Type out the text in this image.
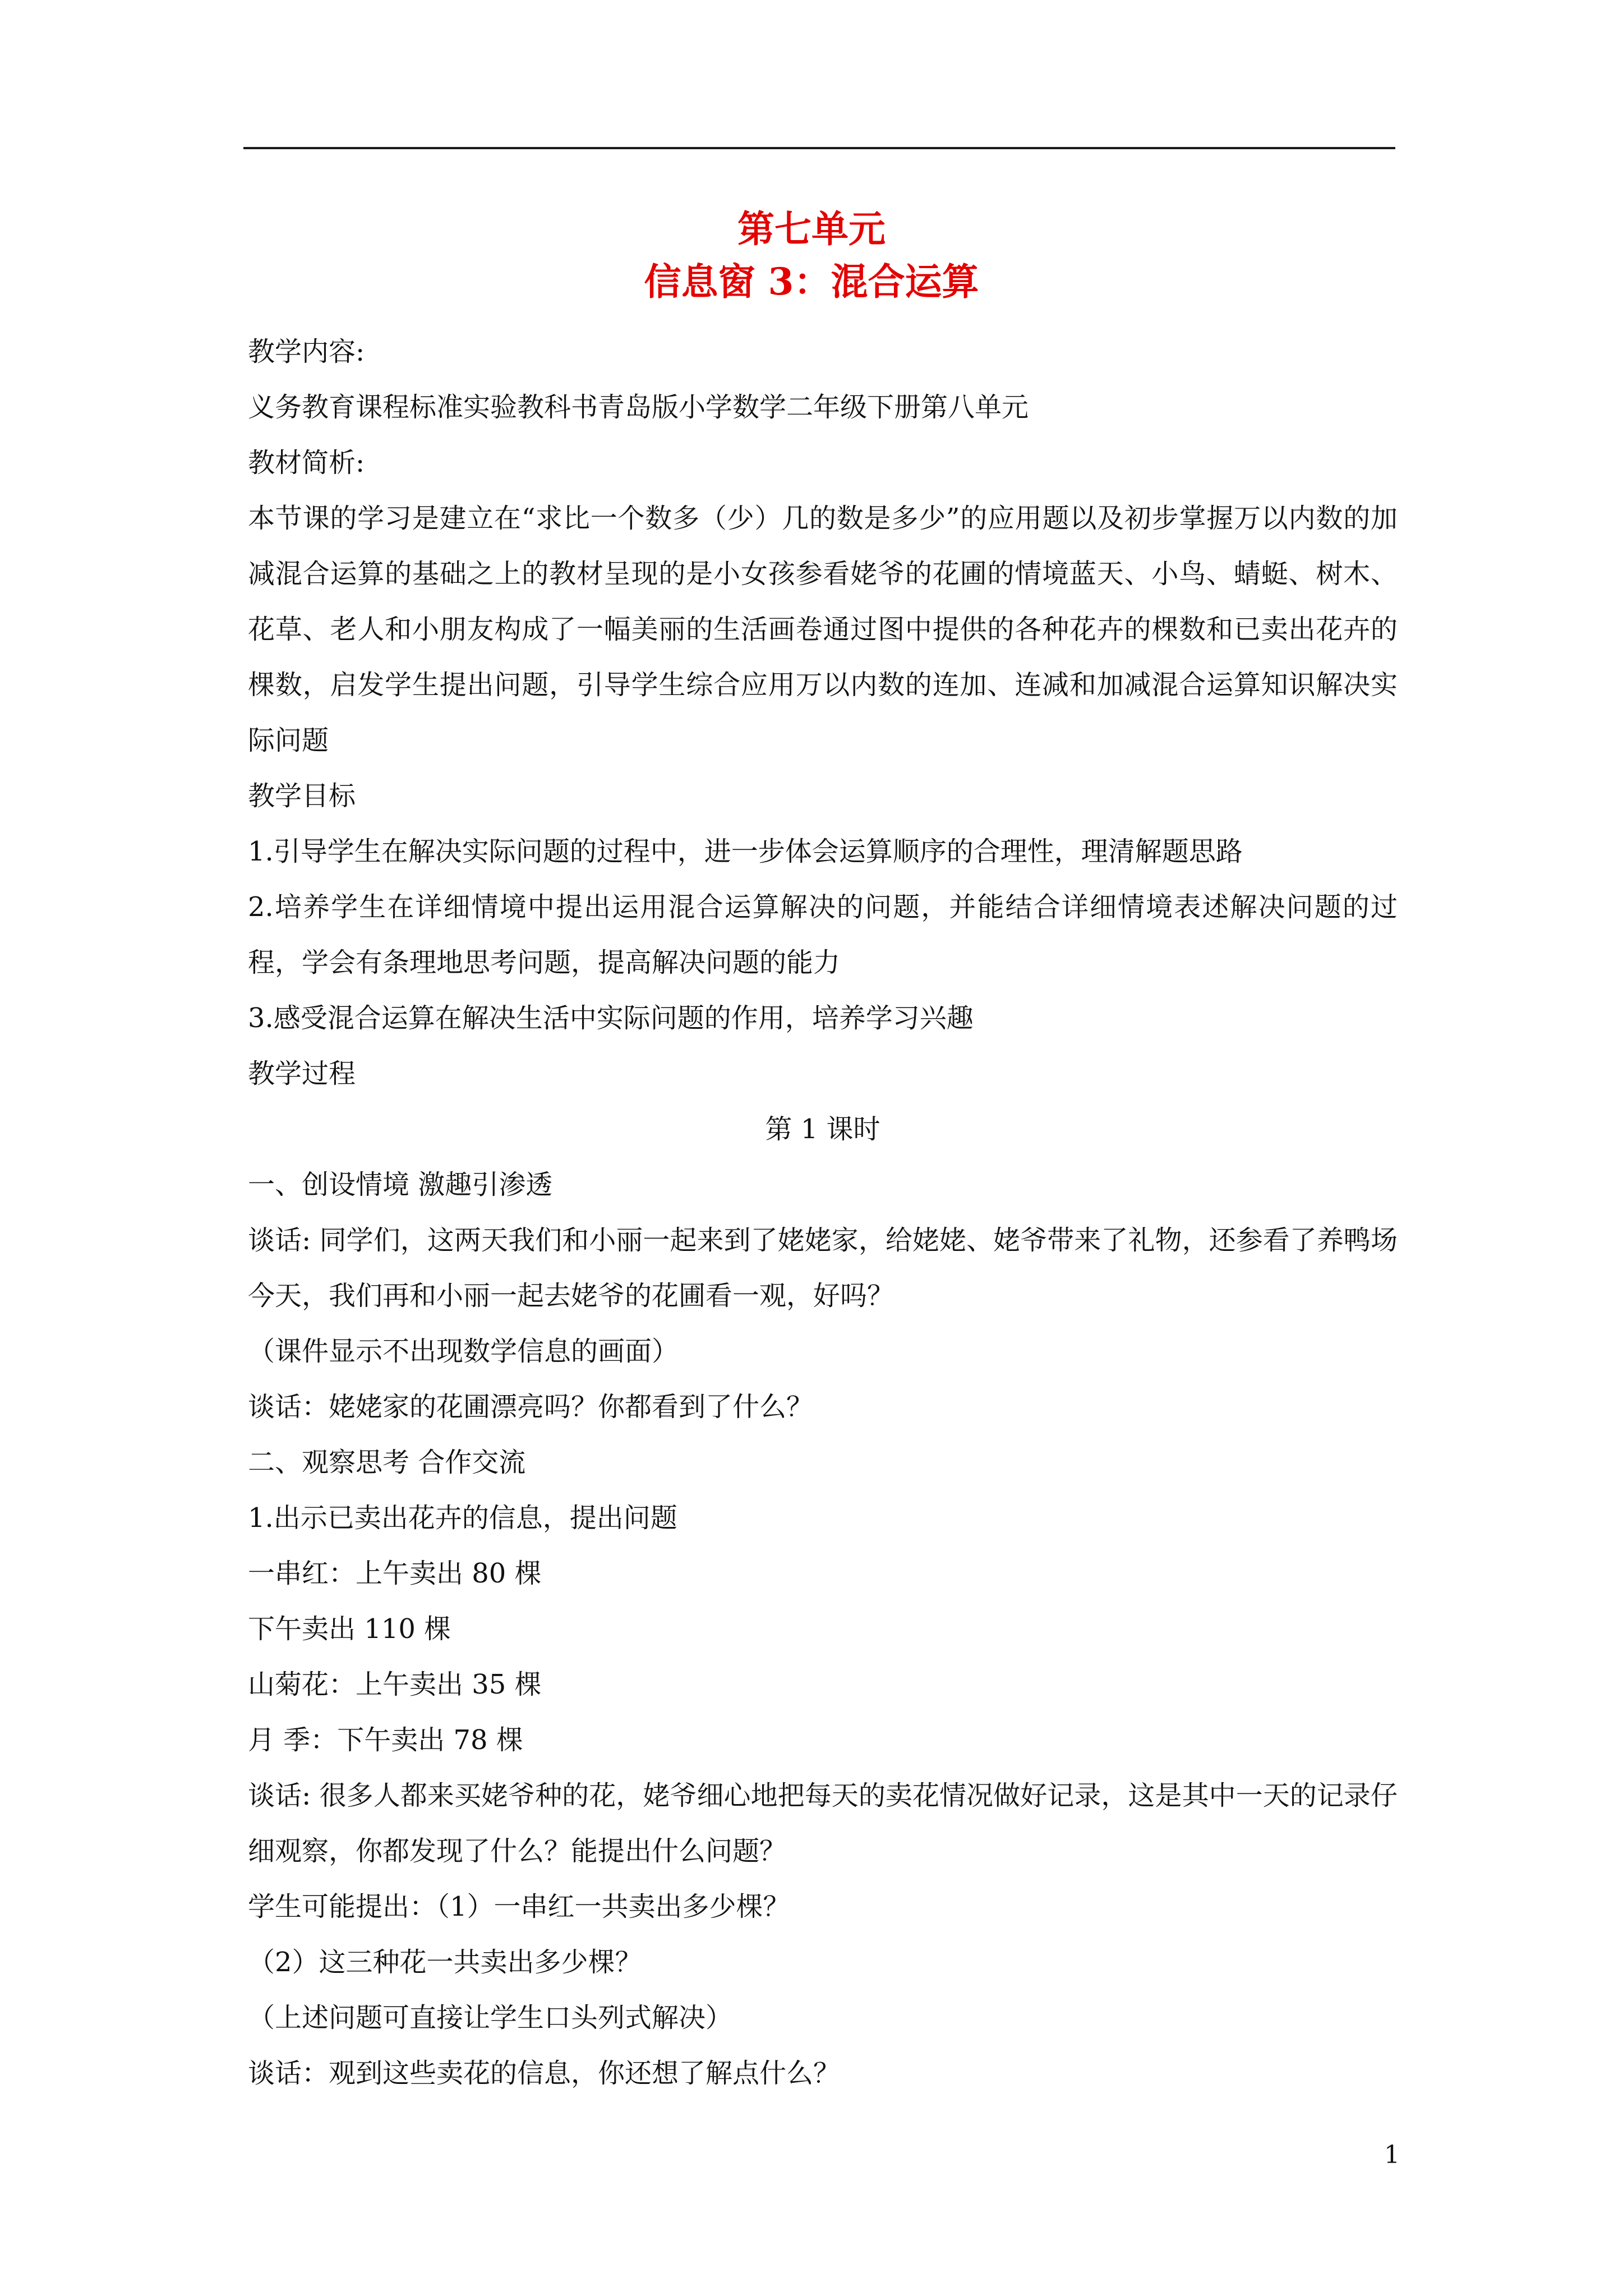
第七单元
信息窗 3：混合运算

教学内容:

义务教育课程标准实验教科书青岛版小学数学二年级下册第八单元

教材简析:

本节课的学习是建立在“求比一个数多（少）几的数是多少”的应用题以及初步掌握万以内数的加减混合运算的基础之上的教材呈现的是小女孩参看姥爷的花圃的情境蓝天、小鸟、蜻蜓、树木、花草、老人和小朋友构成了一幅美丽的生活画卷通过图中提供的各种花卉的棵数和已卖出花卉的棵数，启发学生提出问题，引导学生综合应用万以内数的连加、连减和加减混合运算知识解决实际问题

教学目标

1.引导学生在解决实际问题的过程中，进一步体会运算顺序的合理性，理清解题思路

2.培养学生在详细情境中提出运用混合运算解决的问题，并能结合详细情境表述解决问题的过程，学会有条理地思考问题，提高解决问题的能力

3.感受混合运算在解决生活中实际问题的作用，培养学习兴趣

教学过程

第 1 课时

一、创设情境 激趣引渗透

谈话: 同学们，这两天我们和小丽一起来到了姥姥家，给姥姥、姥爷带来了礼物，还参看了养鸭场今天，我们再和小丽一起去姥爷的花圃看一观，好吗？

（课件显示不出现数学信息的画面）

谈话：姥姥家的花圃漂亮吗？你都看到了什么？

二、观察思考 合作交流

1.出示已卖出花卉的信息，提出问题

一串红：上午卖出 80 棵

下午卖出 110 棵

山菊花：上午卖出 35 棵

月 季：下午卖出 78 棵

谈话: 很多人都来买姥爷种的花，姥爷细心地把每天的卖花情况做好记录，这是其中一天的记录仔细观察，你都发现了什么？能提出什么问题？

学生可能提出：（1）一串红一共卖出多少棵？

（2）这三种花一共卖出多少棵？

（上述问题可直接让学生口头列式解决）

谈话：观到这些卖花的信息，你还想了解点什么？

1
